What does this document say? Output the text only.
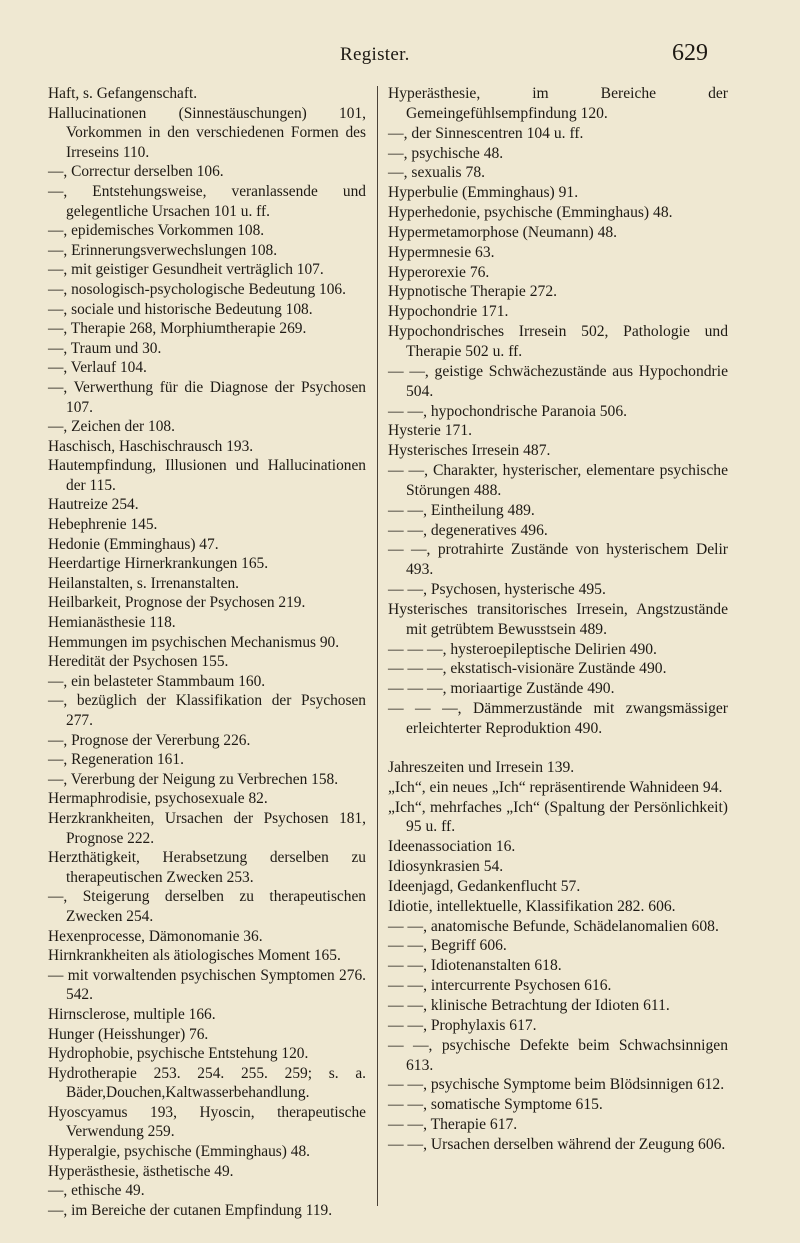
Register.	629
Haft, s. Gefangenschaft.
Hallucinationen (Sinnestäuschungen) 101, Vorkommen in den verschiedenen Formen des Irreseins 110.
—, Correctur derselben 106.
—, Entstehungsweise, veranlassende und gelegentliche Ursachen 101 u. ff.
—, epidemisches Vorkommen 108.
—, Erinnerungsverwechslungen 108.
—, mit geistiger Gesundheit verträglich 107.
—, nosologisch-psychologische Bedeutung 106.
—, sociale und historische Bedeutung 108.
—, Therapie 268, Morphiumtherapie 269.
—, Traum und 30.
—, Verlauf 104.
—, Verwerthung für die Diagnose der Psychosen 107.
—, Zeichen der 108.
Haschisch, Haschischrausch 193.
Hautempfindung, Illusionen und Hallucinationen der 115.
Hautreize 254.
Hebephrenie 145.
Hedonie (Emminghaus) 47.
Heerdartige Hirnerkrankungen 165.
Heilanstalten, s. Irrenanstalten.
Heilbarkeit, Prognose der Psychosen 219.
Hemianästhesie 118.
Hemmungen im psychischen Mechanismus 90.
Heredität der Psychosen 155.
—, ein belasteter Stammbaum 160.
—, bezüglich der Klassifikation der Psychosen 277.
—, Prognose der Vererbung 226.
—, Regeneration 161.
—, Vererbung der Neigung zu Verbrechen 158.
Hermaphrodisie, psychosexuale 82.
Herzkrankheiten, Ursachen der Psychosen 181, Prognose 222.
Herzthätigkeit, Herabsetzung derselben zu therapeutischen Zwecken 253.
—, Steigerung derselben zu therapeutischen Zwecken 254.
Hexenprocesse, Dämonomanie 36.
Hirnkrankheiten als ätiologisches Moment 165.
— mit vorwaltenden psychischen Symptomen 276. 542.
Hirnsclerose, multiple 166.
Hunger (Heisshunger) 76.
Hydrophobie, psychische Entstehung 120.
Hydrotherapie 253. 254. 255. 259; s. a. Bäder,Douchen,Kaltwasserbehandlung.
Hyoscyamus 193, Hyoscin, therapeutische Verwendung 259.
Hyperalgie, psychische (Emminghaus) 48.
Hyperästhesie, ästhetische 49.
—, ethische 49.
—, im Bereiche der cutanen Empfindung 119.
Hyperästhesie, im Bereiche der Gemeingefühlsempfindung 120.
—, der Sinnescentren 104 u. ff.
—, psychische 48.
—, sexualis 78.
Hyperbulie (Emminghaus) 91.
Hyperhedonie, psychische (Emminghaus) 48.
Hypermetamorphose (Neumann) 48.
Hypermnesie 63.
Hyperorexie 76.
Hypnotische Therapie 272.
Hypochondrie 171.
Hypochondrisches Irresein 502, Pathologie und Therapie 502 u. ff.
— —, geistige Schwächezustände aus Hypochondrie 504.
— —, hypochondrische Paranoia 506.
Hysterie 171.
Hysterisches Irresein 487.
— —, Charakter, hysterischer, elementare psychische Störungen 488.
— —, Eintheilung 489.
— —, degeneratives 496.
— —, protrahirte Zustände von hysterischem Delir 493.
— —, Psychosen, hysterische 495.
Hysterisches transitorisches Irresein, Angstzustände mit getrübtem Bewusstsein 489.
— — —, hysteroepileptische Delirien 490.
— — —, ekstatisch-visionäre Zustände 490.
— — —, moriaartige Zustände 490.
— — —, Dämmerzustände mit zwangsmässiger erleichterter Reproduktion 490.
Jahreszeiten und Irresein 139.
„Ich“, ein neues „Ich“ repräsentirende Wahnideen 94.
„Ich“, mehrfaches „Ich“ (Spaltung der Persönlichkeit) 95 u. ff.
Ideenassociation 16.
Idiosynkrasien 54.
Ideenjagd, Gedankenflucht 57.
Idiotie, intellektuelle, Klassifikation 282. 606.
— —, anatomische Befunde, Schädelanomalien 608.
— —, Begriff 606.
— —, Idiotenanstalten 618.
— —, intercurrente Psychosen 616.
— —, klinische Betrachtung der Idioten 611.
— —, Prophylaxis 617.
— —, psychische Defekte beim Schwachsinnigen 613.
— —, psychische Symptome beim Blödsinnigen 612.
— —, somatische Symptome 615.
— —, Therapie 617.
— —, Ursachen derselben während der Zeugung 606.
